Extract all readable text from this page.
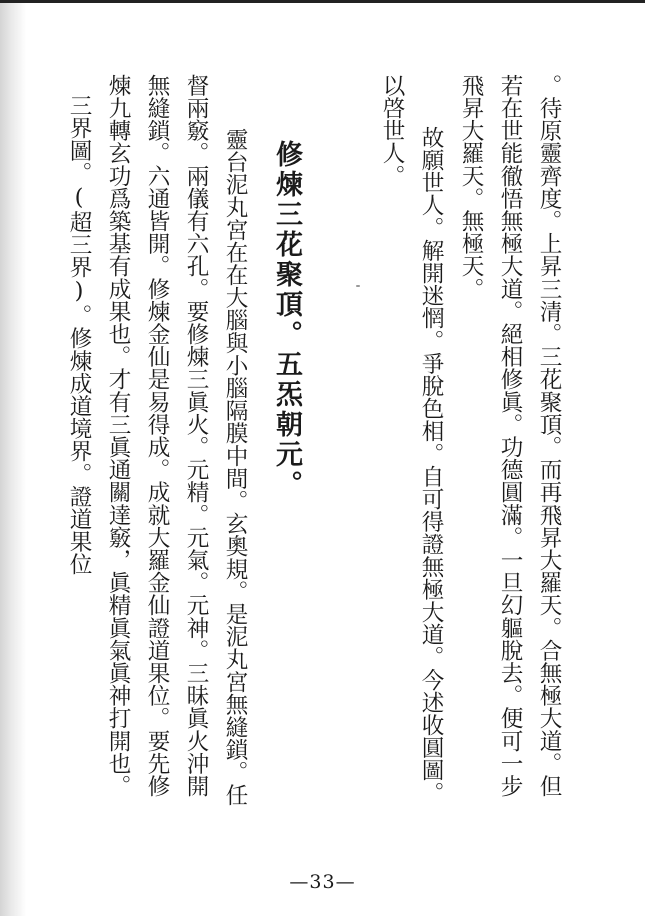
。待原靈齊度。上昇三清。三花聚頂。而再飛昇大羅天。合無極大道。但
若在世能徹悟無極大道。絕相修眞。功德圓滿。一旦幻軀脫去。便可一步
飛昇大羅天。無極天。
故願世人。解開迷惘。爭脫色相。自可得證無極大道。今述收圓圖。
以啓世人。
修煉三花聚頂。五炁朝元。
靈台泥丸宮在在大腦與小腦隔膜中間。玄奧規。是泥丸宮無縫鎖。任
督兩竅。兩儀有六孔。要修煉三眞火。元精。元氣。元神。三昧眞火沖開
無縫鎖。六通皆開。修煉金仙是易得成。成就大羅金仙證道果位。要先修
煉九轉玄功爲築基有成果也。才有三眞通關達竅，眞精眞氣眞神打開也。
三界圖。(超三界)。修煉成道境界。證道果位
—33—
